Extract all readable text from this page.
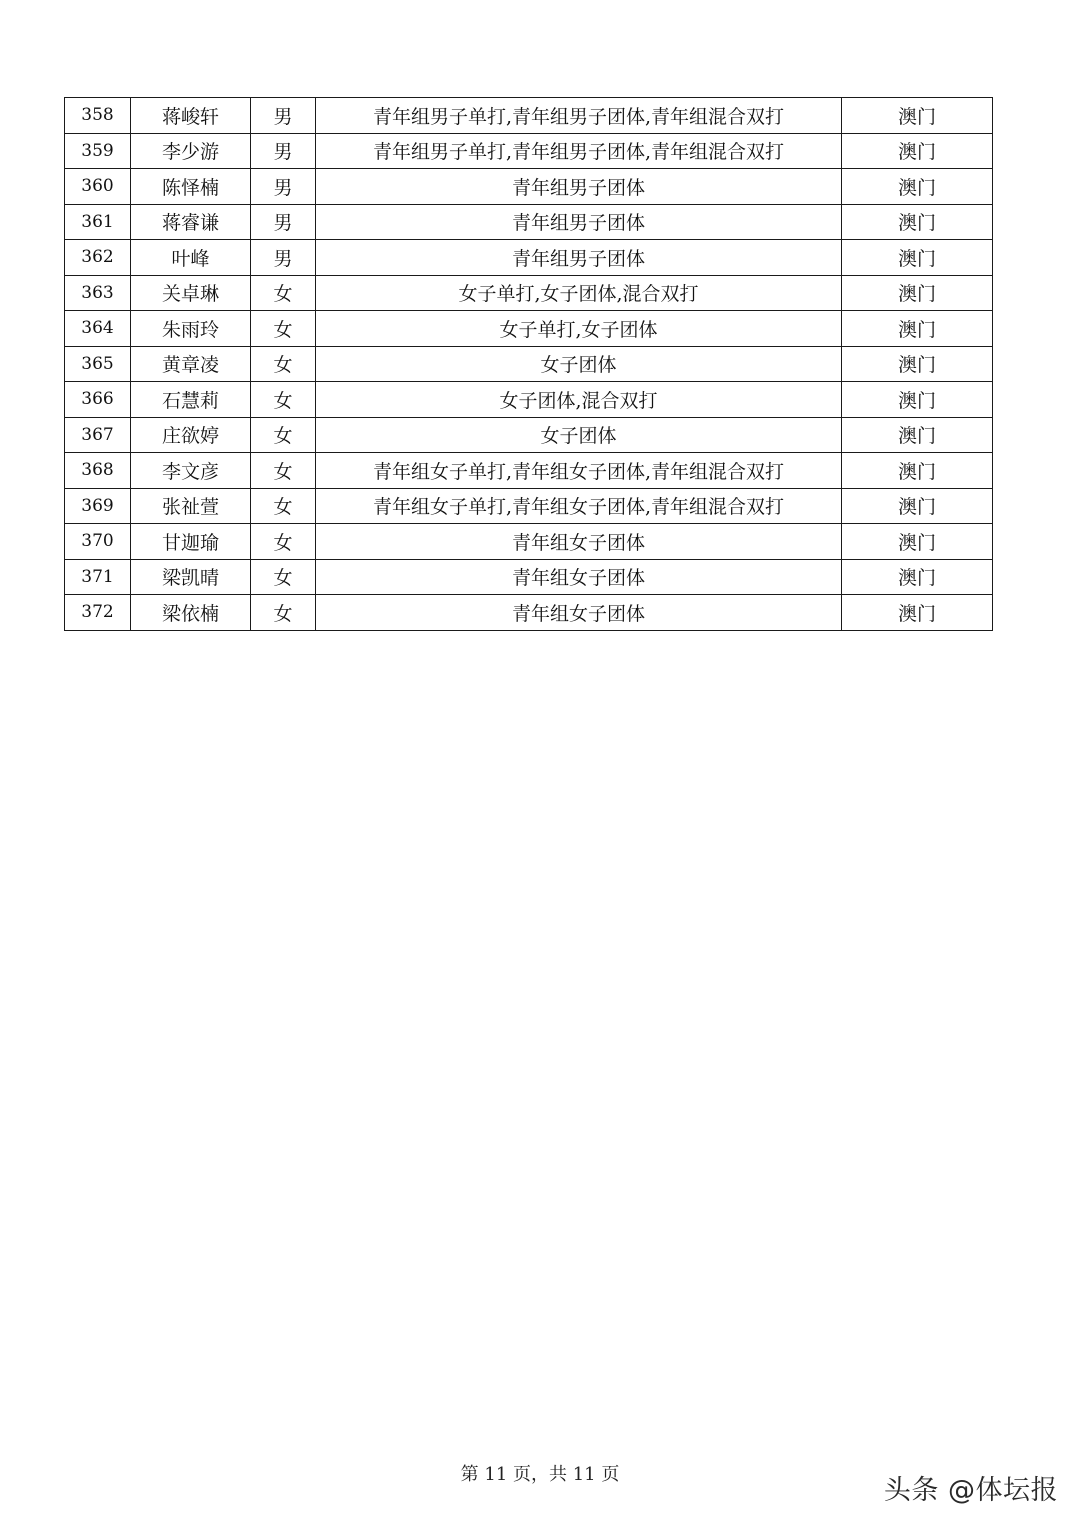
358	蒋峻轩	男	青年组男子单打,青年组男子团体,青年组混合双打	澳门
359	李少游	男	青年组男子单打,青年组男子团体,青年组混合双打	澳门
360	陈怿楠	男	青年组男子团体	澳门
361	蒋睿谦	男	青年组男子团体	澳门
362	叶峰	男	青年组男子团体	澳门
363	关卓琳	女	女子单打,女子团体,混合双打	澳门
364	朱雨玲	女	女子单打,女子团体	澳门
365	黄章凌	女	女子团体	澳门
366	石慧莉	女	女子团体,混合双打	澳门
367	庄欲婷	女	女子团体	澳门
368	李文彦	女	青年组女子单打,青年组女子团体,青年组混合双打	澳门
369	张祉萱	女	青年组女子单打,青年组女子团体,青年组混合双打	澳门
370	甘迦瑜	女	青年组女子团体	澳门
371	梁凯晴	女	青年组女子团体	澳门
372	梁依楠	女	青年组女子团体	澳门
第 11 页，共 11 页
头条 @体坛报
